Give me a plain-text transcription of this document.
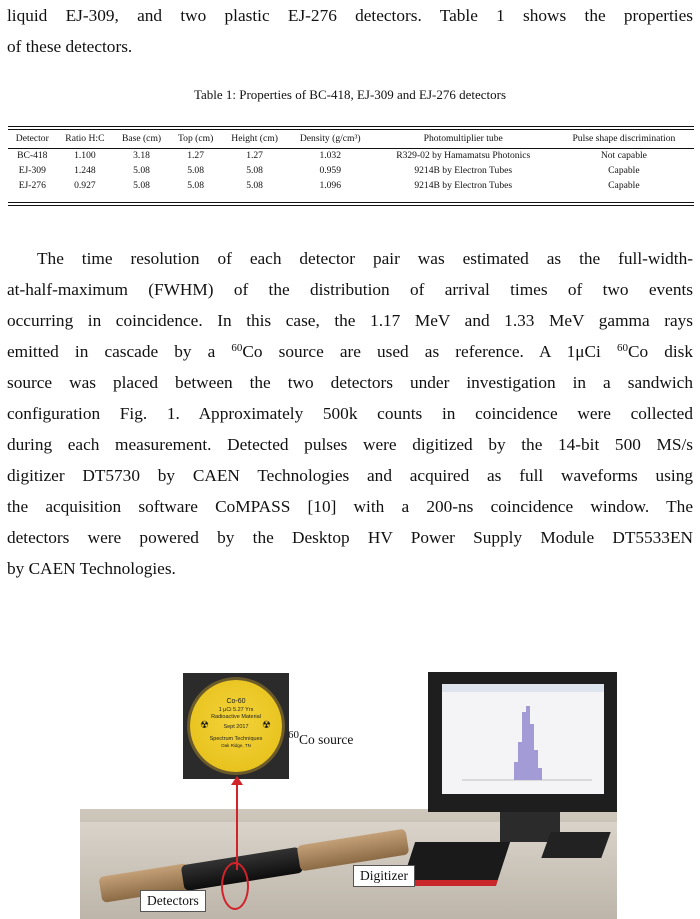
liquid EJ-309, and two plastic EJ-276 detectors. Table 1 shows the properties
of these detectors.

Table 1: Properties of BC-418, EJ-309 and EJ-276 detectors
Detector	Ratio H:C	Base (cm)	Top (cm)	Height (cm)	Density (g/cm³)	Photomultiplier tube	Pulse shape discrimination
BC-418	1.100	3.18	1.27	1.27	1.032	R329-02 by Hamamatsu Photonics	Not capable
EJ-309	1.248	5.08	5.08	5.08	0.959	9214B by Electron Tubes	Capable
EJ-276	0.927	5.08	5.08	5.08	1.096	9214B by Electron Tubes	Capable

The time resolution of each detector pair was estimated as the full-width-
at-half-maximum (FWHM) of the distribution of arrival times of two events
occurring in coincidence. In this case, the 1.17 MeV and 1.33 MeV gamma rays
emitted in cascade by a $^{60}$Co source are used as reference. A 1μCi $^{60}$Co disk
source was placed between the two detectors under investigation in a sandwich
configuration Fig. 1. Approximately 500k counts in coincidence were collected
during each measurement. Detected pulses were digitized by the 14-bit 500 MS/s
digitizer DT5730 by CAEN Technologies and acquired as full waveforms using
the acquisition software CoMPASS [10] with a 200-ns coincidence window. The
detectors were powered by the Desktop HV Power Supply Module DT5533EN
by CAEN Technologies.

Co-60
1 μCi 5.27 Yrs
Radioactive Material
Sept 2017
Spectrum Techniques
Oak Ridge, TN
☢	☢
$^{60}$Co source
Detectors
Digitizer
